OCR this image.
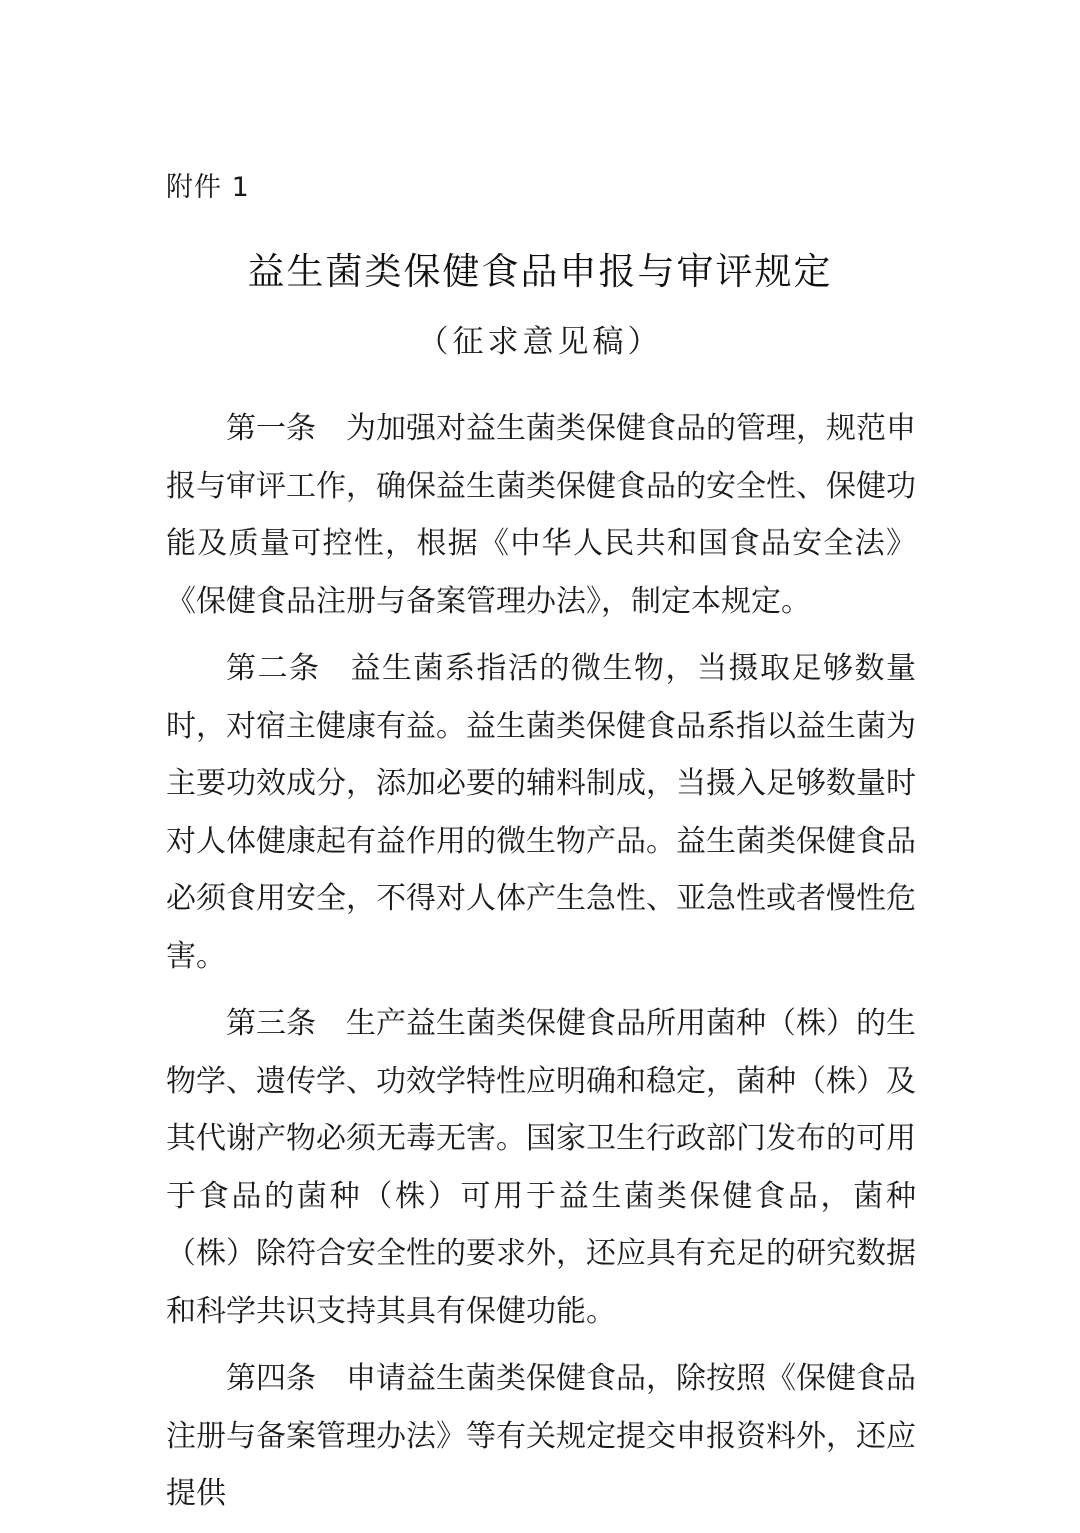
附件 1
益生菌类保健食品申报与审评规定
（征求意见稿）

第一条 为加强对益生菌类保健食品的管理，规范申报与审评工作，确保益生菌类保健食品的安全性、保健功能及质量可控性，根据《中华人民共和国食品安全法》《保健食品注册与备案管理办法》，制定本规定。

第二条 益生菌系指活的微生物，当摄取足够数量时，对宿主健康有益。益生菌类保健食品系指以益生菌为主要功效成分，添加必要的辅料制成，当摄入足够数量时对人体健康起有益作用的微生物产品。益生菌类保健食品必须食用安全，不得对人体产生急性、亚急性或者慢性危害。

第三条 生产益生菌类保健食品所用菌种（株）的生物学、遗传学、功效学特性应明确和稳定，菌种（株）及其代谢产物必须无毒无害。国家卫生行政部门发布的可用于食品的菌种（株）可用于益生菌类保健食品，菌种（株）除符合安全性的要求外，还应具有充足的研究数据和科学共识支持其具有保健功能。

第四条 申请益生菌类保健食品，除按照《保健食品注册与备案管理办法》等有关规定提交申报资料外，还应提供
